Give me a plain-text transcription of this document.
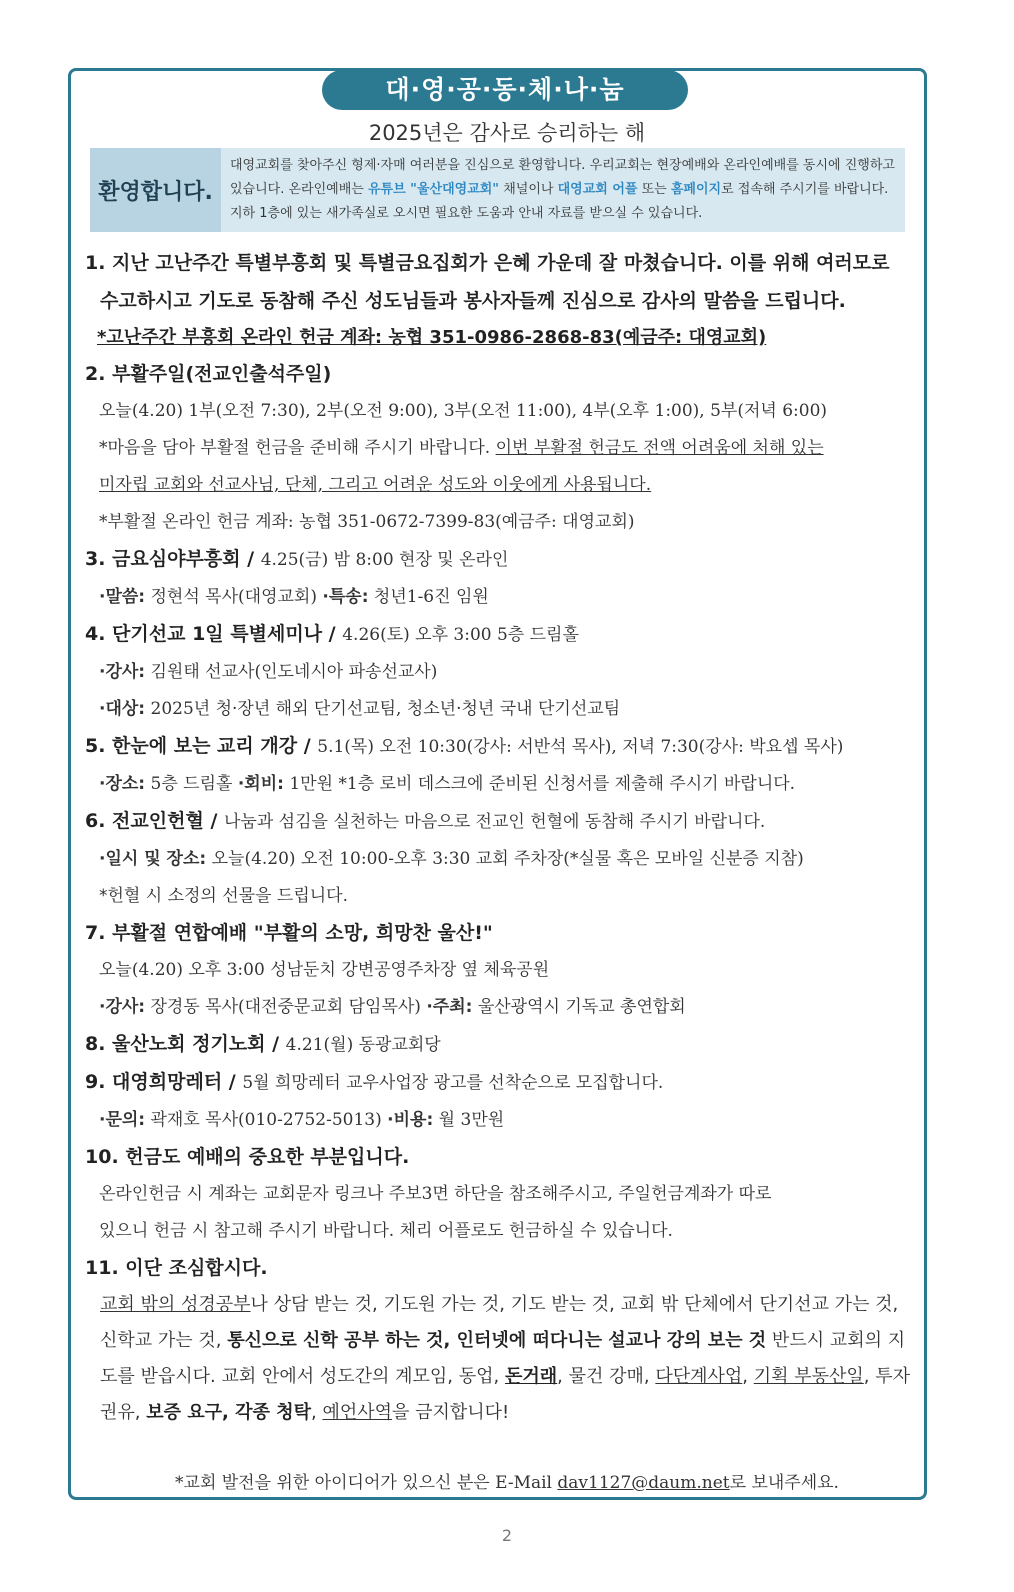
대·영·공·동·체·나·눔
2025년은 감사로 승리하는 해
환영합니다.
대영교회를 찾아주신 형제·자매 여러분을 진심으로 환영합니다. 우리교회는 현장예배와 온라인예배를 동시에 진행하고 있습니다. 온라인예배는 유튜브 "울산대영교회" 채널이나 대영교회 어플 또는 홈페이지로 접속해 주시기를 바랍니다. 지하 1층에 있는 새가족실로 오시면 필요한 도움과 안내 자료를 받으실 수 있습니다.
1. 지난 고난주간 특별부흥회 및 특별금요집회가 은혜 가운데 잘 마쳤습니다. 이를 위해 여러모로
수고하시고 기도로 동참해 주신 성도님들과 봉사자들께 진심으로 감사의 말씀을 드립니다.
*고난주간 부흥회 온라인 헌금 계좌: 농협 351-0986-2868-83(예금주: 대영교회)
2. 부활주일(전교인출석주일)
오늘(4.20) 1부(오전 7:30), 2부(오전 9:00), 3부(오전 11:00), 4부(오후 1:00), 5부(저녁 6:00)
*마음을 담아 부활절 헌금을 준비해 주시기 바랍니다. 이번 부활절 헌금도 전액 어려움에 처해 있는
미자립 교회와 선교사님, 단체, 그리고 어려운 성도와 이웃에게 사용됩니다.
*부활절 온라인 헌금 계좌: 농협 351-0672-7399-83(예금주: 대영교회)
3. 금요심야부흥회 / 4.25(금) 밤 8:00 현장 및 온라인
·말씀: 정현석 목사(대영교회) ·특송: 청년1-6진 임원
4. 단기선교 1일 특별세미나 / 4.26(토) 오후 3:00 5층 드림홀
·강사: 김원태 선교사(인도네시아 파송선교사)
·대상: 2025년 청·장년 해외 단기선교팀, 청소년·청년 국내 단기선교팀
5. 한눈에 보는 교리 개강 / 5.1(목) 오전 10:30(강사: 서반석 목사), 저녁 7:30(강사: 박요셉 목사)
·장소: 5층 드림홀 ·회비: 1만원 *1층 로비 데스크에 준비된 신청서를 제출해 주시기 바랍니다.
6. 전교인헌혈 / 나눔과 섬김을 실천하는 마음으로 전교인 헌혈에 동참해 주시기 바랍니다.
·일시 및 장소: 오늘(4.20) 오전 10:00-오후 3:30 교회 주차장(*실물 혹은 모바일 신분증 지참)
*헌혈 시 소정의 선물을 드립니다.
7. 부활절 연합예배 "부활의 소망, 희망찬 울산!"
오늘(4.20) 오후 3:00 성남둔치 강변공영주차장 옆 체육공원
·강사: 장경동 목사(대전중문교회 담임목사) ·주최: 울산광역시 기독교 총연합회
8. 울산노회 정기노회 / 4.21(월) 동광교회당
9. 대영희망레터 / 5월 희망레터 교우사업장 광고를 선착순으로 모집합니다.
·문의: 곽재호 목사(010-2752-5013) ·비용: 월 3만원
10. 헌금도 예배의 중요한 부분입니다.
온라인헌금 시 계좌는 교회문자 링크나 주보3면 하단을 참조해주시고, 주일헌금계좌가 따로
있으니 헌금 시 참고해 주시기 바랍니다. 체리 어플로도 헌금하실 수 있습니다.
11. 이단 조심합시다.
교회 밖의 성경공부나 상담 받는 것, 기도원 가는 것, 기도 받는 것, 교회 밖 단체에서 단기선교 가는 것, 신학교 가는 것, 통신으로 신학 공부 하는 것, 인터넷에 떠다니는 설교나 강의 보는 것 반드시 교회의 지도를 받읍시다. 교회 안에서 성도간의 계모임, 동업, 돈거래, 물건 강매, 다단계사업, 기획 부동산일, 투자 권유, 보증 요구, 각종 청탁, 예언사역을 금지합니다!
*교회 발전을 위한 아이디어가 있으신 분은 E-Mail dav1127@daum.net로 보내주세요.
2
